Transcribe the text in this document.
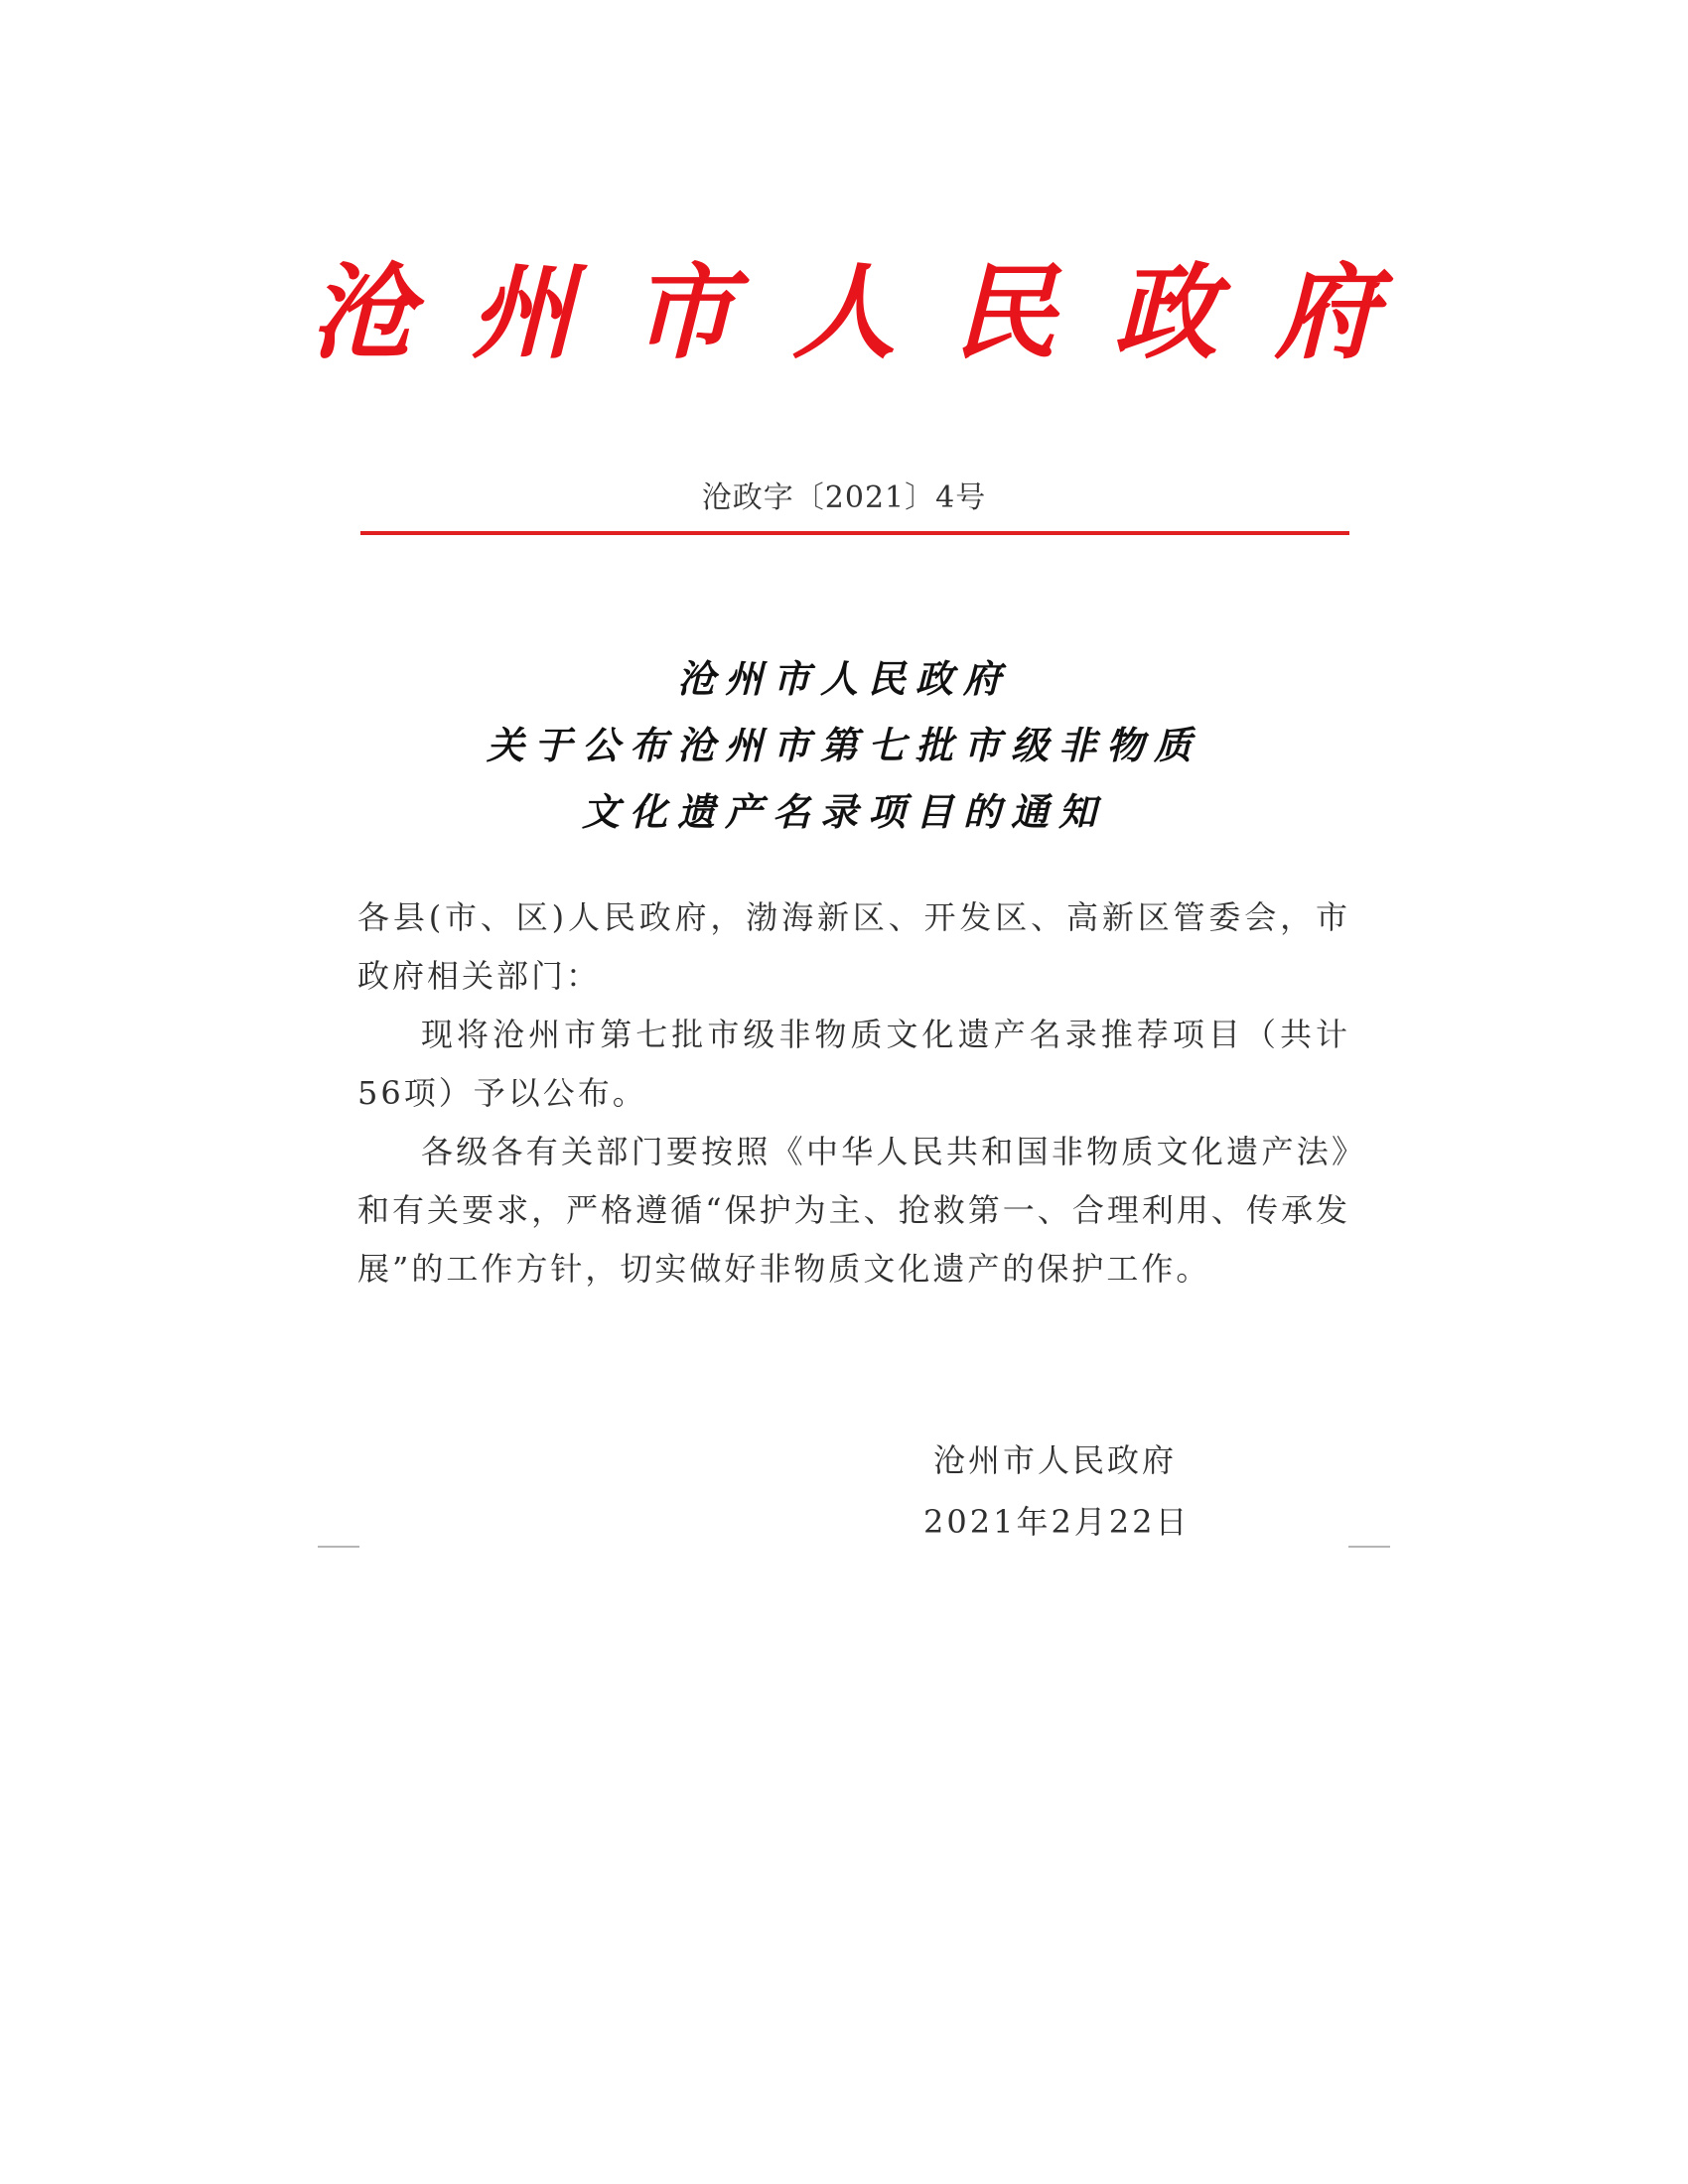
沧州市人民政府
沧政字〔2021〕4号
沧州市人民政府
关于公布沧州市第七批市级非物质
文化遗产名录项目的通知

各县(市、区)人民政府，渤海新区、开发区、高新区管委会，市政府相关部门：

现将沧州市第七批市级非物质文化遗产名录推荐项目（共计56项）予以公布。

各级各有关部门要按照《中华人民共和国非物质文化遗产法》和有关要求，严格遵循“保护为主、抢救第一、合理利用、传承发展”的工作方针，切实做好非物质文化遗产的保护工作。

沧州市人民政府
2021年2月22日
